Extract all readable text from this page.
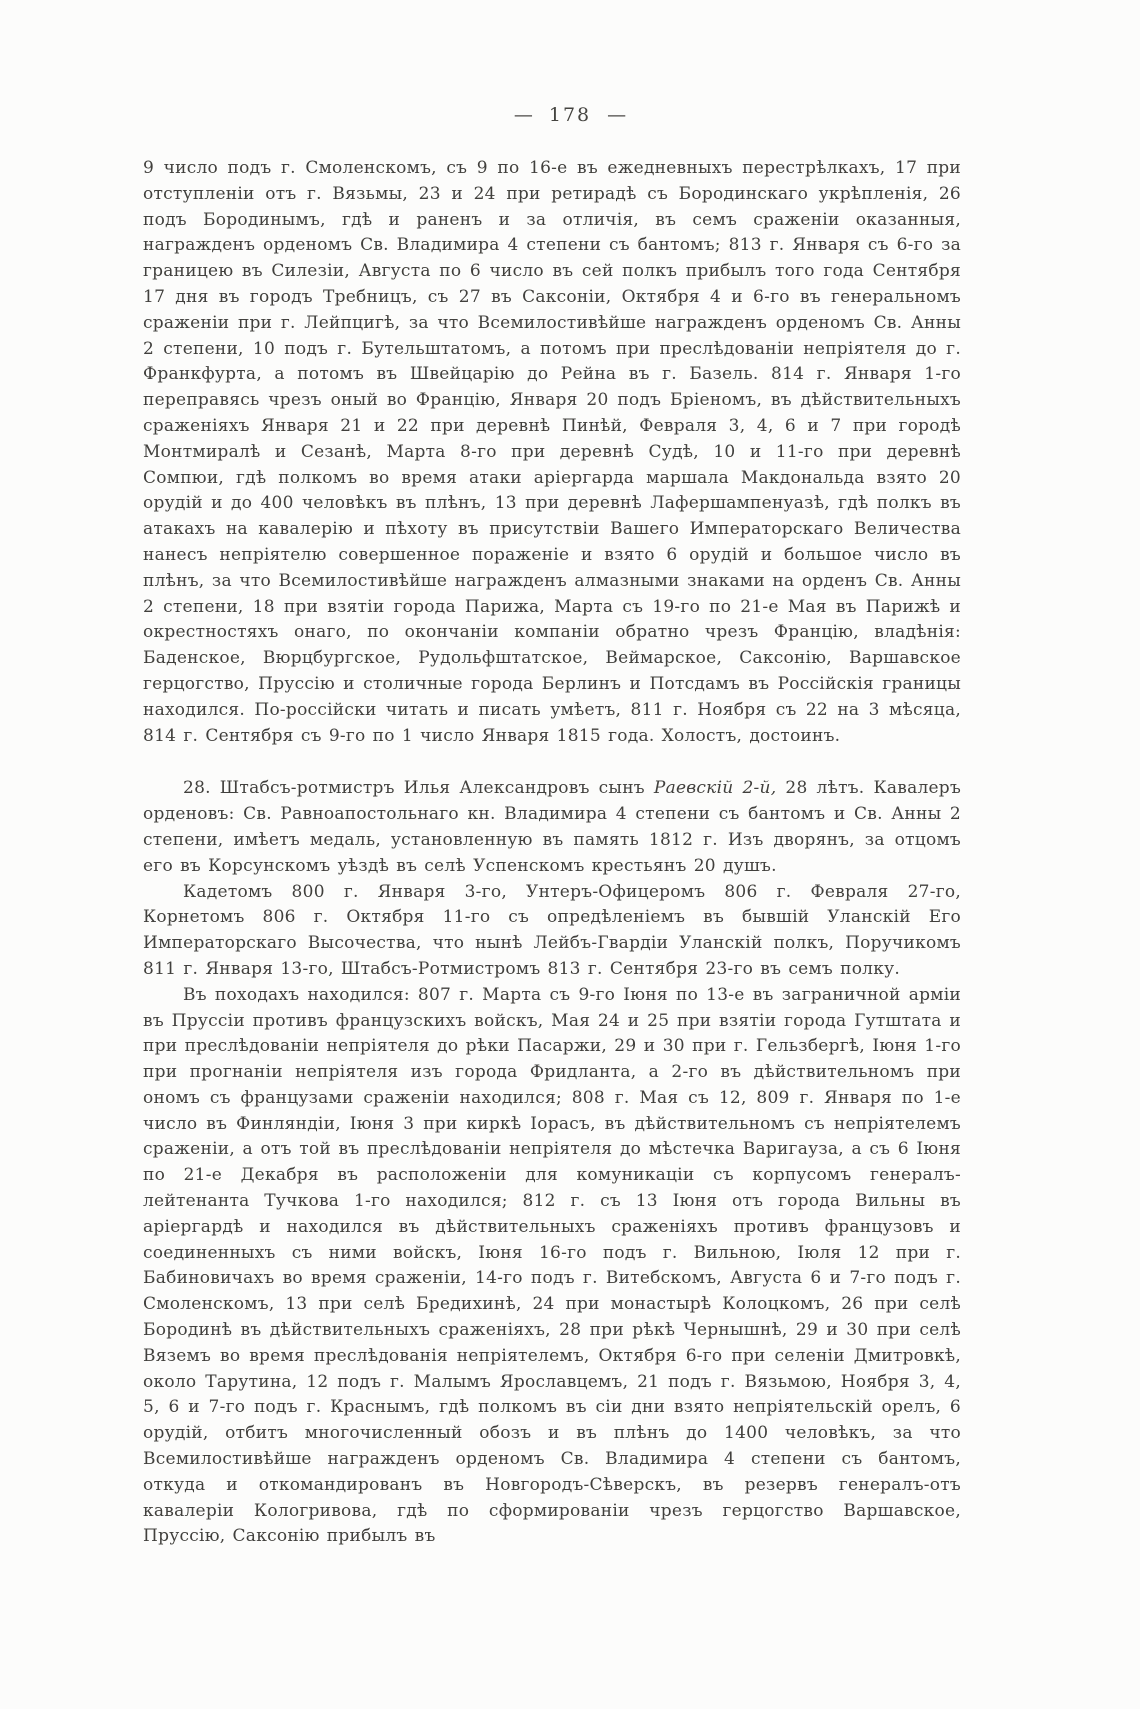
— 178 —

9 число подъ г. Смоленскомъ, съ 9 по 16-е въ ежедневныхъ перестрѣлкахъ, 17 при отступленіи отъ г. Вязьмы, 23 и 24 при ретирадѣ съ Бородинскаго укрѣпленія, 26 подъ Бородинымъ, гдѣ и раненъ и за отличія, въ семъ сраженіи оказанныя, награжденъ орденомъ Св. Владимира 4 степени съ бантомъ; 813 г. Января съ 6-го за границею въ Силезіи, Августа по 6 число въ сей полкъ прибылъ того года Сентября 17 дня въ городъ Требницъ, съ 27 въ Саксоніи, Октября 4 и 6-го въ генеральномъ сраженіи при г. Лейпцигѣ, за что Всемилостивѣйше награжденъ орденомъ Св. Анны 2 степени, 10 подъ г. Бутельштатомъ, а потомъ при преслѣдованіи непріятеля до г. Франкфурта, а потомъ въ Швейцарію до Рейна въ г. Базель. 814 г. Января 1-го переправясь чрезъ оный во Францію, Января 20 подъ Бріеномъ, въ дѣйствительныхъ сраженіяхъ Января 21 и 22 при деревнѣ Пинѣй, Февраля 3, 4, 6 и 7 при городѣ Монтмиралѣ и Сезанѣ, Марта 8-го при деревнѣ Судѣ, 10 и 11-го при деревнѣ Сомпюи, гдѣ полкомъ во время атаки аріергарда маршала Макдональда взято 20 орудій и до 400 человѣкъ въ плѣнъ, 13 при деревнѣ Лафершампенуазѣ, гдѣ полкъ въ атакахъ на кавалерію и пѣхоту въ присутствіи Вашего Императорскаго Величества нанесъ непріятелю совершенное пораженіе и взято 6 орудій и большое число въ плѣнъ, за что Всемилостивѣйше награжденъ алмазными знаками на орденъ Св. Анны 2 степени, 18 при взятіи города Парижа, Марта съ 19-го по 21-е Мая въ Парижѣ и окрестностяхъ онаго, по окончаніи компаніи обратно чрезъ Францію, владѣнія: Баденское, Вюрцбургское, Рудольфштатское, Веймарское, Саксонію, Варшавское герцогство, Пруссію и столичные города Берлинъ и Потсдамъ въ Россійскія границы находился. По-россійски читать и писать умѣетъ, 811 г. Ноября съ 22 на 3 мѣсяца, 814 г. Сентября съ 9-го по 1 число Января 1815 года. Холостъ, достоинъ.

28. Штабсъ-ротмистръ Илья Александровъ сынъ Раевскій 2-й, 28 лѣтъ. Кавалеръ орденовъ: Св. Равноапостольнаго кн. Владимира 4 степени съ бантомъ и Св. Анны 2 степени, имѣетъ медаль, установленную въ память 1812 г. Изъ дворянъ, за отцомъ его въ Корсунскомъ уѣздѣ въ селѣ Успенскомъ крестьянъ 20 душъ.

Кадетомъ 800 г. Января 3-го, Унтеръ-Офицеромъ 806 г. Февраля 27-го, Корнетомъ 806 г. Октября 11-го съ опредѣленіемъ въ бывшій Уланскій Его Императорскаго Высочества, что нынѣ Лейбъ-Гвардіи Уланскій полкъ, Поручикомъ 811 г. Января 13-го, Штабсъ-Ротмистромъ 813 г. Сентября 23-го въ семъ полку.

Въ походахъ находился: 807 г. Марта съ 9-го Іюня по 13-е въ заграничной арміи въ Пруссіи противъ французскихъ войскъ, Мая 24 и 25 при взятіи города Гутштата и при преслѣдованіи непріятеля до рѣки Пасаржи, 29 и 30 при г. Гельзбергѣ, Іюня 1-го при прогнаніи непріятеля изъ города Фридланта, а 2-го въ дѣйствительномъ при ономъ съ французами сраженіи находился; 808 г. Мая съ 12, 809 г. Января по 1-е число въ Финляндіи, Іюня 3 при киркѣ Іорасъ, въ дѣйствительномъ съ непріятелемъ сраженіи, а отъ той въ преслѣдованіи непріятеля до мѣстечка Варигауза, а съ 6 Іюня по 21-е Декабря въ расположеніи для комуникаціи съ корпусомъ генералъ-лейтенанта Тучкова 1-го находился; 812 г. съ 13 Іюня отъ города Вильны въ аріергардѣ и находился въ дѣйствительныхъ сраженіяхъ противъ французовъ и соединенныхъ съ ними войскъ, Іюня 16-го подъ г. Вильною, Іюля 12 при г. Бабиновичахъ во время сраженіи, 14-го подъ г. Витебскомъ, Августа 6 и 7-го подъ г. Смоленскомъ, 13 при селѣ Бредихинѣ, 24 при монастырѣ Колоцкомъ, 26 при селѣ Бородинѣ въ дѣйствительныхъ сраженіяхъ, 28 при рѣкѣ Чернышнѣ, 29 и 30 при селѣ Вяземъ во время преслѣдованія непріятелемъ, Октября 6-го при селеніи Дмитровкѣ, около Тарутина, 12 подъ г. Малымъ Ярославцемъ, 21 подъ г. Вязьмою, Ноября 3, 4, 5, 6 и 7-го подъ г. Краснымъ, гдѣ полкомъ въ сіи дни взято непріятельскій орелъ, 6 орудій, отбитъ многочисленный обозъ и въ плѣнъ до 1400 человѣкъ, за что Всемилостивѣйше награжденъ орденомъ Св. Владимира 4 степени съ бантомъ, откуда и откомандированъ въ Новгородъ-Сѣверскъ, въ резервъ генералъ-отъ кавалеріи Кологривова, гдѣ по сформированіи чрезъ герцогство Варшавское, Пруссію, Саксонію прибылъ въ
